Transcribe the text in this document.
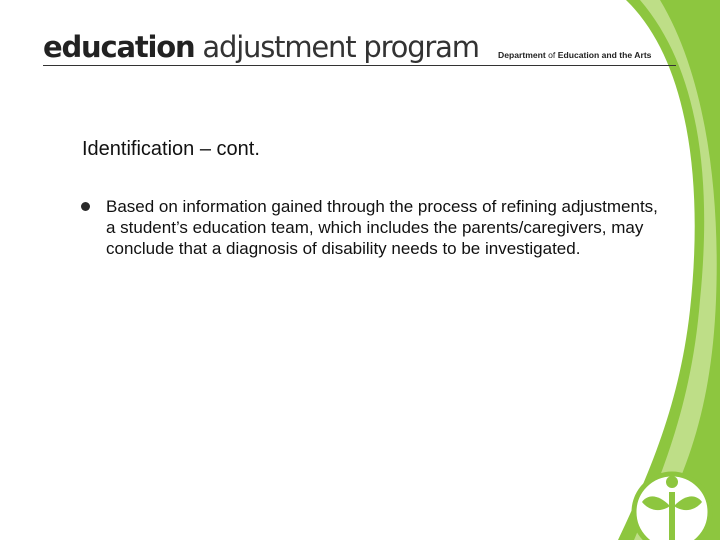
education adjustment program Department of Education and the Arts
Identification – cont.
Based on information gained through the process of refining adjustments, a student’s education team, which includes the parents/caregivers, may conclude that a diagnosis of disability needs to be investigated.
